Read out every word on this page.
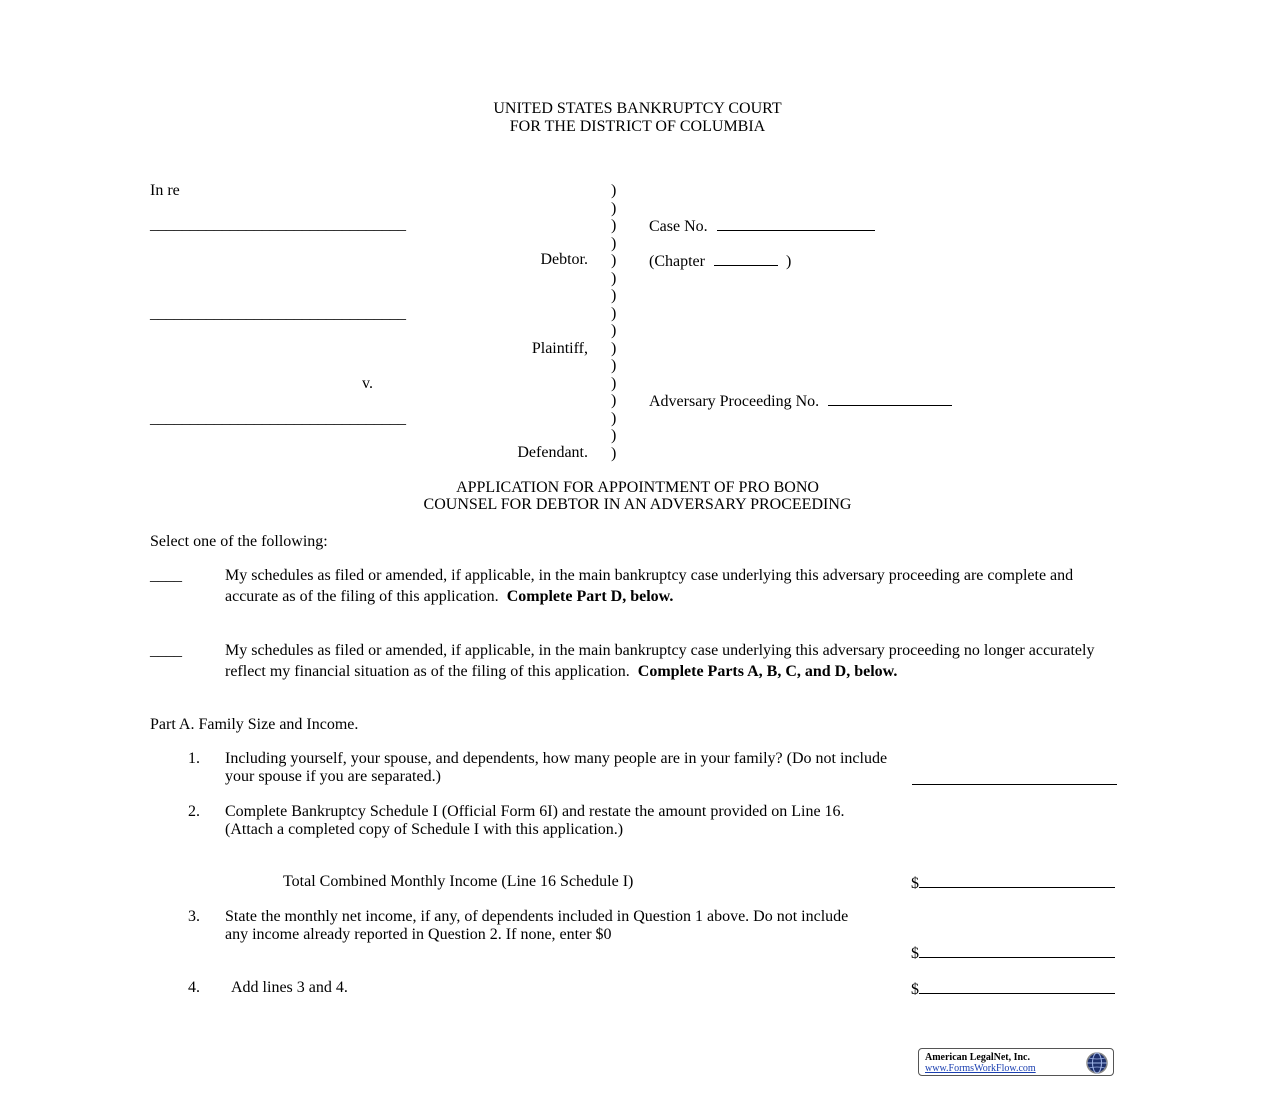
UNITED STATES BANKRUPTCY COURT
FOR THE DISTRICT OF COLUMBIA
In re
________________________________
Debtor.
________________________________
Plaintiff,
v.
________________________________
Defendant.
)
)
)
)
)
)
)
)
)
)
)
)
)
)
)
)
Case No.
(Chapter	)
Adversary Proceeding No.
APPLICATION FOR APPOINTMENT OF PRO BONO
COUNSEL FOR DEBTOR IN AN ADVERSARY PROCEEDING
Select one of the following:
____	My schedules as filed or amended, if applicable, in the main bankruptcy case underlying this adversary proceeding are complete and accurate as of the filing of this application. Complete Part D, below.
____	My schedules as filed or amended, if applicable, in the main bankruptcy case underlying this adversary proceeding no longer accurately reflect my financial situation as of the filing of this application. Complete Parts A, B, C, and D, below.
Part A. Family Size and Income.
1. Including yourself, your spouse, and dependents, how many people are in your family? (Do not include your spouse if you are separated.)
2. Complete Bankruptcy Schedule I (Official Form 6I) and restate the amount provided on Line 16. (Attach a completed copy of Schedule I with this application.)
Total Combined Monthly Income (Line 16 Schedule I)	$
3. State the monthly net income, if any, of dependents included in Question 1 above. Do not include any income already reported in Question 2. If none, enter $0
$
4. Add lines 3 and 4.	$
American LegalNet, Inc.
www.FormsWorkFlow.com
